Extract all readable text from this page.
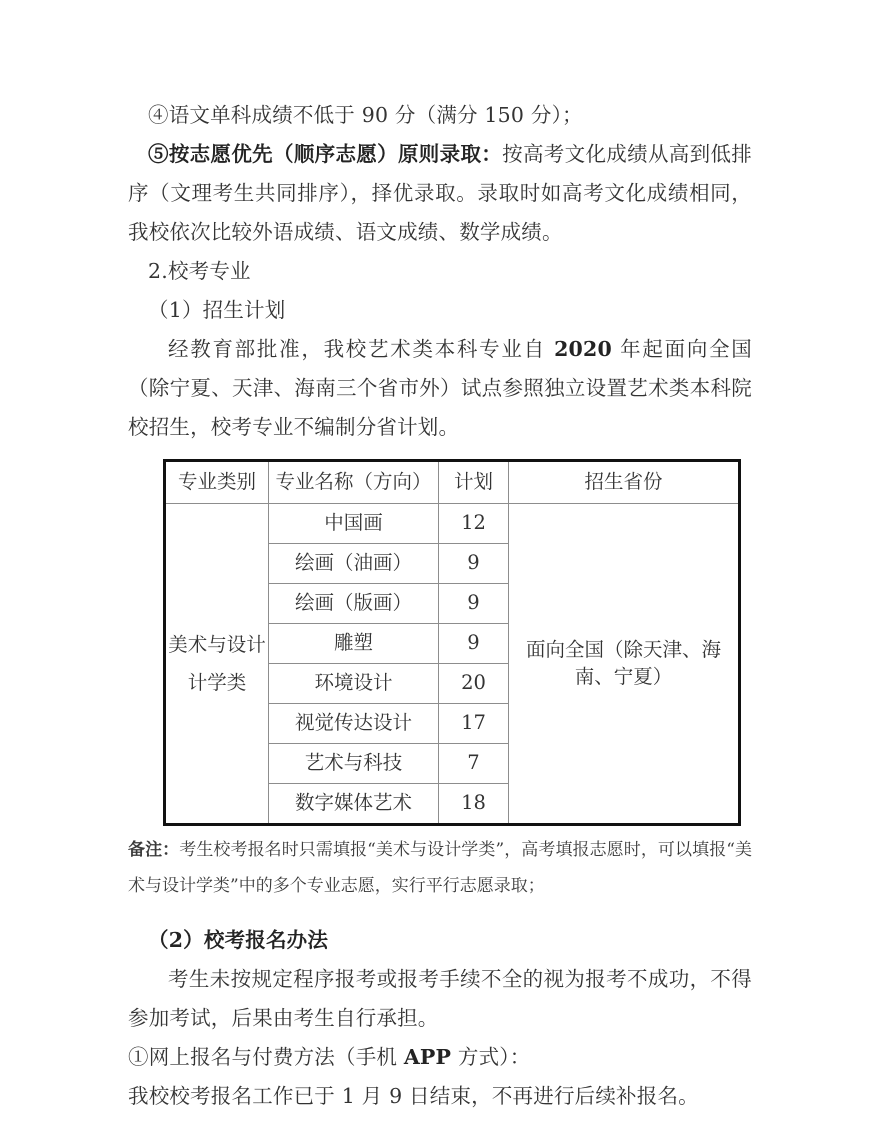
④语文单科成绩不低于 90 分（满分 150 分）；

⑤按志愿优先（顺序志愿）原则录取：按高考文化成绩从高到低排序（文理考生共同排序），择优录取。录取时如高考文化成绩相同，我校依次比较外语成绩、语文成绩、数学成绩。

2.校考专业

（1）招生计划

经教育部批准，我校艺术类本科专业自 2020 年起面向全国（除宁夏、天津、海南三个省市外）试点参照独立设置艺术类本科院校招生，校考专业不编制分省计划。

专业类别	专业名称（方向）	计划	招生省份

美术与设计
计学类	中国画	12	面向全国（除天津、海南、宁夏）
	绘画（油画）	9	
	绘画（版画）	9	
	雕塑	9	
	环境设计	20	
	视觉传达设计	17	
	艺术与科技	7	
	数字媒体艺术	18	

备注：考生校考报名时只需填报“美术与设计学类”，高考填报志愿时，可以填报“美术与设计学类”中的多个专业志愿，实行平行志愿录取；

（2）校考报名办法

考生未按规定程序报考或报考手续不全的视为报考不成功，不得参加考试，后果由考生自行承担。

①网上报名与付费方法（手机 APP 方式）：

我校校考报名工作已于 1 月 9 日结束，不再进行后续补报名。
